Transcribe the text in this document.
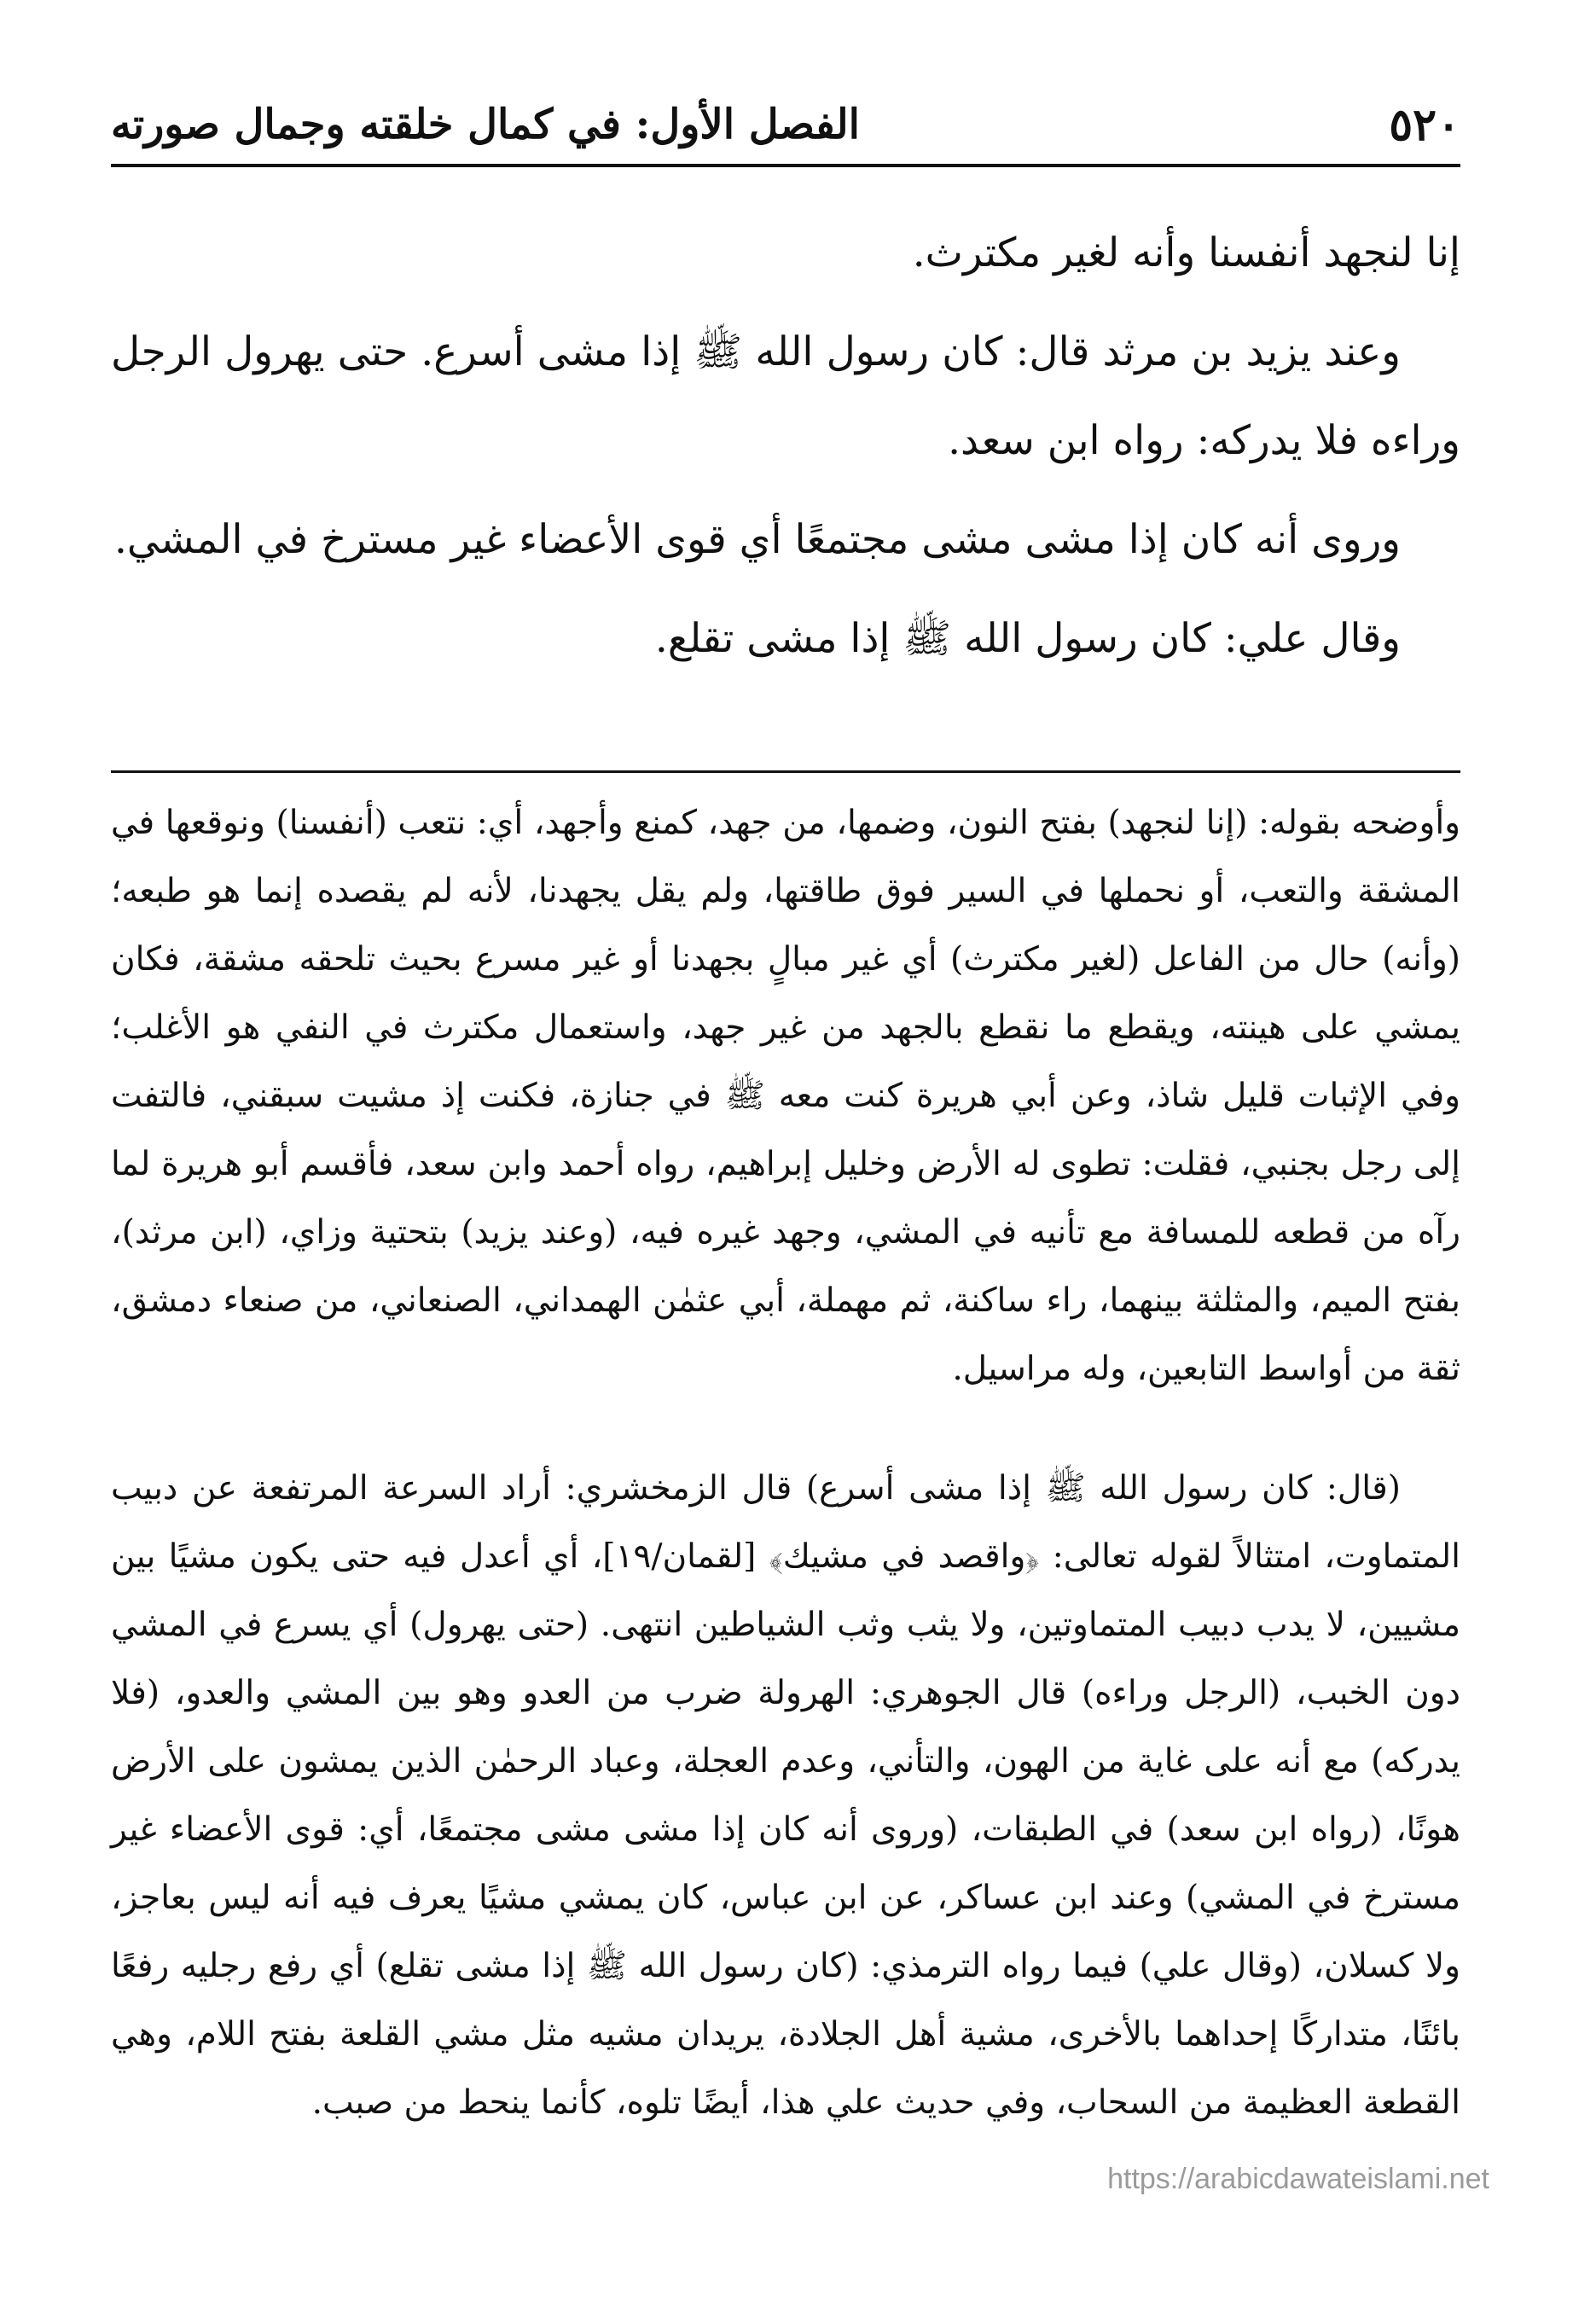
٥٢٠
الفصل الأول: في كمال خلقته وجمال صورته

إنا لنجهد أنفسنا وأنه لغير مكترث.

وعند يزيد بن مرثد قال: كان رسول الله ﷺ إذا مشى أسرع. حتى يهرول الرجل وراءه فلا يدركه: رواه ابن سعد.

وروى أنه كان إذا مشى مشى مجتمعًا أي قوى الأعضاء غير مسترخ في المشي.

وقال علي: كان رسول الله ﷺ إذا مشى تقلع.

وأوضحه بقوله: (إنا لنجهد) بفتح النون، وضمها، من جهد، كمنع وأجهد، أي: نتعب (أنفسنا) ونوقعها في المشقة والتعب، أو نحملها في السير فوق طاقتها، ولم يقل يجهدنا، لأنه لم يقصده إنما هو طبعه؛ (وأنه) حال من الفاعل (لغير مكترث) أي غير مبالٍ بجهدنا أو غير مسرع بحيث تلحقه مشقة، فكان يمشي على هينته، ويقطع ما نقطع بالجهد من غير جهد، واستعمال مكترث في النفي هو الأغلب؛ وفي الإثبات قليل شاذ، وعن أبي هريرة كنت معه ﷺ في جنازة، فكنت إذ مشيت سبقني، فالتفت إلى رجل بجنبي، فقلت: تطوى له الأرض وخليل إبراهيم، رواه أحمد وابن سعد، فأقسم أبو هريرة لما رآه من قطعه للمسافة مع تأنيه في المشي، وجهد غيره فيه، (وعند يزيد) بتحتية وزاي، (ابن مرثد)، بفتح الميم، والمثلثة بينهما، راء ساكنة، ثم مهملة، أبي عثمٰن الهمداني، الصنعاني، من صنعاء دمشق، ثقة من أواسط التابعين، وله مراسيل.

(قال: كان رسول الله ﷺ إذا مشى أسرع) قال الزمخشري: أراد السرعة المرتفعة عن دبيب المتماوت، امتثالاً لقوله تعالى: ﴿واقصد في مشيك﴾ [لقمان/١٩]، أي أعدل فيه حتى يكون مشيًا بين مشيين، لا يدب دبيب المتماوتين، ولا يثب وثب الشياطين انتهى. (حتى يهرول) أي يسرع في المشي دون الخبب، (الرجل وراءه) قال الجوهري: الهرولة ضرب من العدو وهو بين المشي والعدو، (فلا يدركه) مع أنه على غاية من الهون، والتأني، وعدم العجلة، وعباد الرحمٰن الذين يمشون على الأرض هونًا، (رواه ابن سعد) في الطبقات، (وروى أنه كان إذا مشى مشى مجتمعًا، أي: قوى الأعضاء غير مسترخ في المشي) وعند ابن عساكر، عن ابن عباس، كان يمشي مشيًا يعرف فيه أنه ليس بعاجز، ولا كسلان، (وقال علي) فيما رواه الترمذي: (كان رسول الله ﷺ إذا مشى تقلع) أي رفع رجليه رفعًا بائنًا، متداركًا إحداهما بالأخرى، مشية أهل الجلادة، يريدان مشيه مثل مشي القلعة بفتح اللام، وهي القطعة العظيمة من السحاب، وفي حديث علي هذا، أيضًا تلوه، كأنما ينحط من صبب.

https://arabicdawateislami.net
